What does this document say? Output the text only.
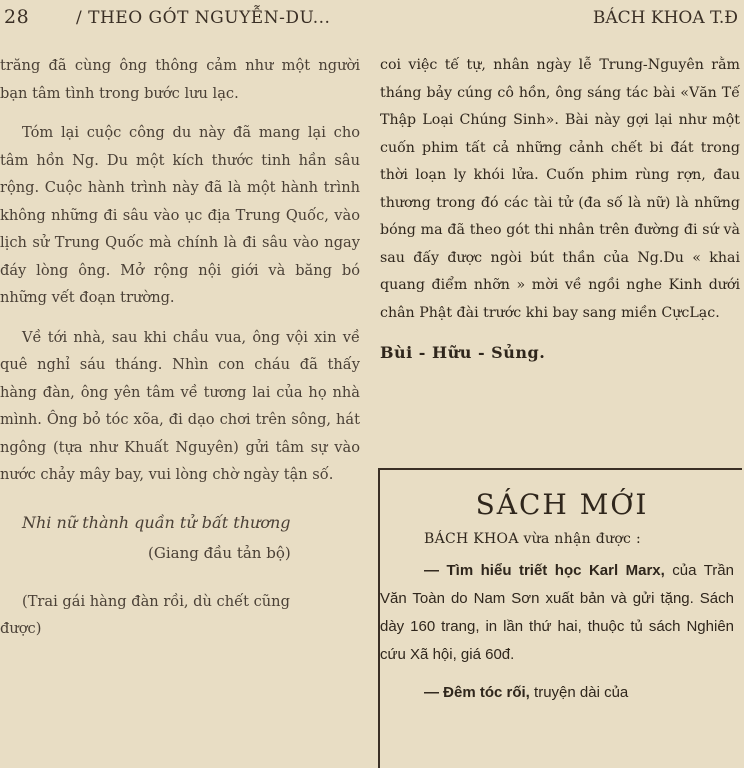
28	/ THEO GÓT NGUYỄN-DU...	BÁCH KHOA T.Đ

trăng đã cùng ông thông cảm như một người bạn tâm tình trong bước lưu lạc.

Tóm lại cuộc công du này đã mang lại cho tâm hồn Ng. Du một kích thước tinh hần sâu rộng. Cuộc hành trình này đã là một hành trình không những đi sâu vào ục địa Trung Quốc, vào lịch sử Trung Quốc mà chính là đi sâu vào ngay đáy lòng ông. Mở rộng nội giới và băng bó những vết đoạn trường.

Về tới nhà, sau khi chầu vua, ông vội xin về quê nghỉ sáu tháng. Nhìn con cháu đã thấy hàng đàn, ông yên tâm về tương lai của họ nhà mình. Ông bỏ tóc xõa, đi dạo chơi trên sông, hát ngông (tựa như Khuất Nguyên) gửi tâm sự vào nước chảy mây bay, vui lòng chờ ngày tận số.

Nhi nữ thành quần tử bất thương

(Giang đầu tản bộ)

(Trai gái hàng đàn rồi, dù chết cũng

được)

coi việc tế tự, nhân ngày lễ Trung-Nguyên rằm tháng bảy cúng cô hồn, ông sáng tác bài «Văn Tế Thập Loại Chúng Sinh». Bài này gợi lại như một cuốn phim tất cả những cảnh chết bi đát trong thời loạn ly khói lửa. Cuốn phim rùng rợn, đau thương trong đó các tài tử (đa số là nữ) là những bóng ma đã theo gót thi nhân trên đường đi sứ và sau đấy được ngòi bút thần của Ng.Du « khai quang điểm nhỡn » mời về ngồi nghe Kinh dưới chân Phật đài trước khi bay sang miền CựcLạc.

Bùi - Hữu - Sủng.

SÁCH MỚI
BÁCH KHOA vừa nhận được :

— Tìm hiểu triết học Karl Marx, của Trần Văn Toàn do Nam Sơn xuất bản và gửi tặng. Sách dày 160 trang, in lần thứ hai, thuộc tủ sách Nghiên cứu Xã hội, giá 60đ.

— Đêm tóc rối, truyện dài của
